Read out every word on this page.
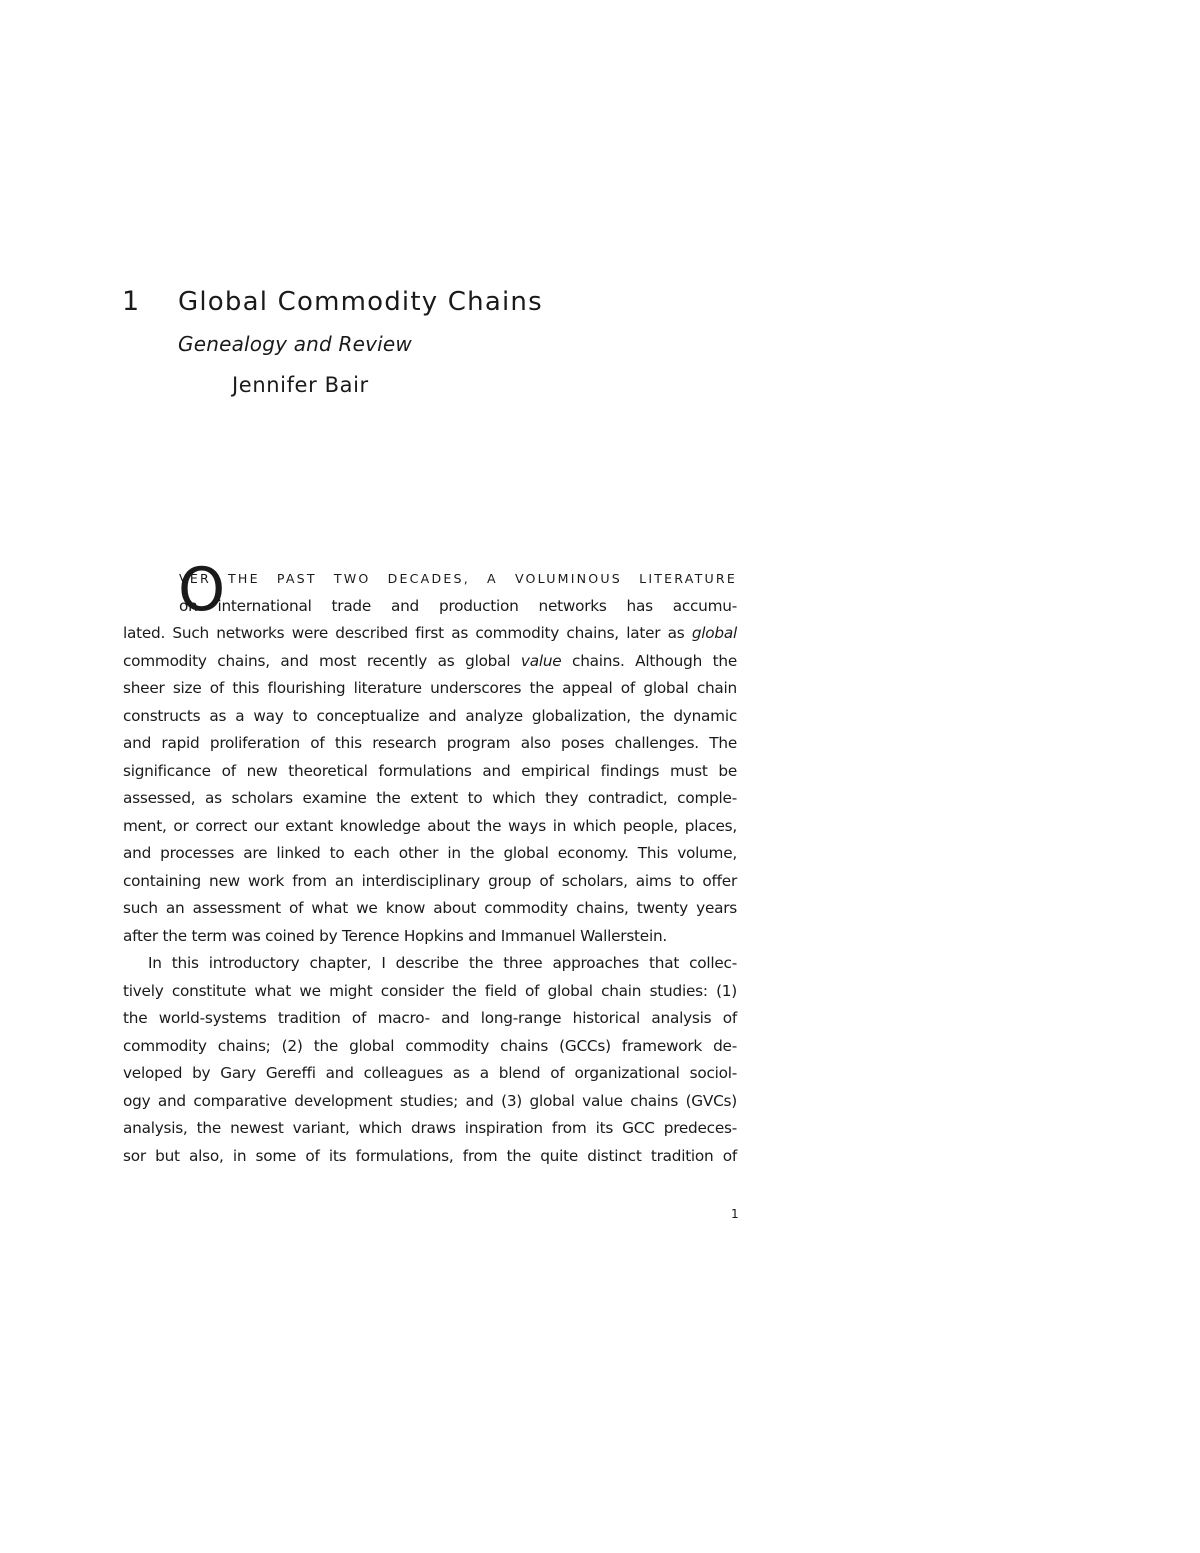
1 Global Commodity Chains
Genealogy and Review
Jennifer Bair
O
VER THE PAST TWO DECADES, A VOLUMINOUS LITERATURE
on international trade and production networks has accumu-
lated. Such networks were described first as commodity chains, later as global
commodity chains, and most recently as global value chains. Although the
sheer size of this flourishing literature underscores the appeal of global chain
constructs as a way to conceptualize and analyze globalization, the dynamic
and rapid proliferation of this research program also poses challenges. The
significance of new theoretical formulations and empirical findings must be
assessed, as scholars examine the extent to which they contradict, comple-
ment, or correct our extant knowledge about the ways in which people, places,
and processes are linked to each other in the global economy. This volume,
containing new work from an interdisciplinary group of scholars, aims to offer
such an assessment of what we know about commodity chains, twenty years
after the term was coined by Terence Hopkins and Immanuel Wallerstein.
In this introductory chapter, I describe the three approaches that collec-
tively constitute what we might consider the field of global chain studies: (1)
the world-systems tradition of macro- and long-range historical analysis of
commodity chains; (2) the global commodity chains (GCCs) framework de-
veloped by Gary Gereffi and colleagues as a blend of organizational sociol-
ogy and comparative development studies; and (3) global value chains (GVCs)
analysis, the newest variant, which draws inspiration from its GCC predeces-
sor but also, in some of its formulations, from the quite distinct tradition of
1
